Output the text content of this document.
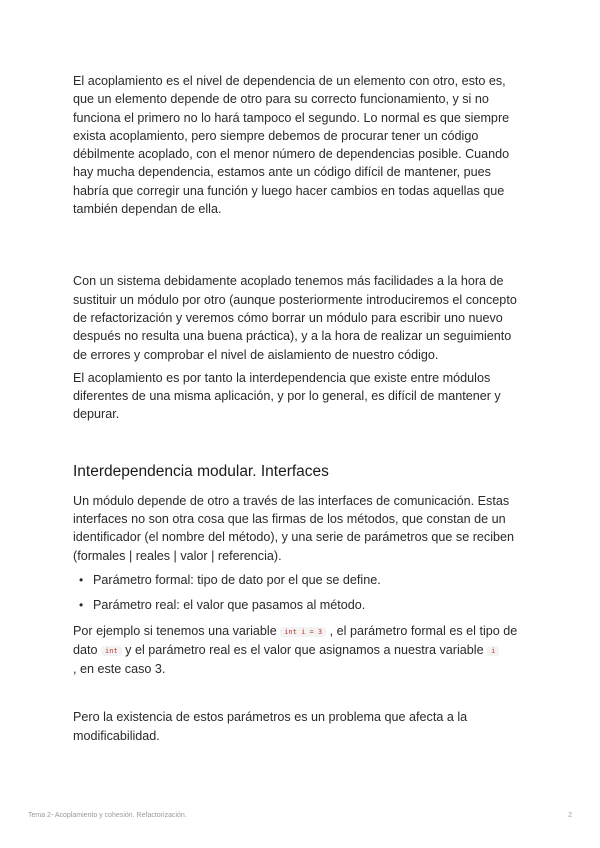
El acoplamiento es el nivel de dependencia de un elemento con otro, esto es, que un elemento depende de otro para su correcto funcionamiento, y si no funciona el primero no lo hará tampoco el segundo. Lo normal es que siempre exista acoplamiento, pero siempre debemos de procurar tener un código débilmente acoplado, con el menor número de dependencias posible. Cuando hay mucha dependencia, estamos ante un código difícil de mantener, pues habría que corregir una función y luego hacer cambios en todas aquellas que también dependan de ella.

Con un sistema debidamente acoplado tenemos más facilidades a la hora de sustituir un módulo por otro (aunque posteriormente introduciremos el concepto de refactorización y veremos cómo borrar un módulo para escribir uno nuevo después no resulta una buena práctica), y a la hora de realizar un seguimiento de errores y comprobar el nivel de aislamiento de nuestro código.

El acoplamiento es por tanto la interdependencia que existe entre módulos diferentes de una misma aplicación, y por lo general, es difícil de mantener y depurar.

Interdependencia modular. Interfaces

Un módulo depende de otro a través de las interfaces de comunicación. Estas interfaces no son otra cosa que las firmas de los métodos, que constan de un identificador (el nombre del método), y una serie de parámetros que se reciben (formales | reales | valor | referencia).

• Parámetro formal: tipo de dato por el que se define.
• Parámetro real: el valor que pasamos al método.

Por ejemplo si tenemos una variable int i = 3 , el parámetro formal es el tipo de dato int y el parámetro real es el valor que asignamos a nuestra variable i
, en este caso 3.

Pero la existencia de estos parámetros es un problema que afecta a la modificabilidad.

Tema 2- Acoplamiento y cohesión. Refactorización.	2
